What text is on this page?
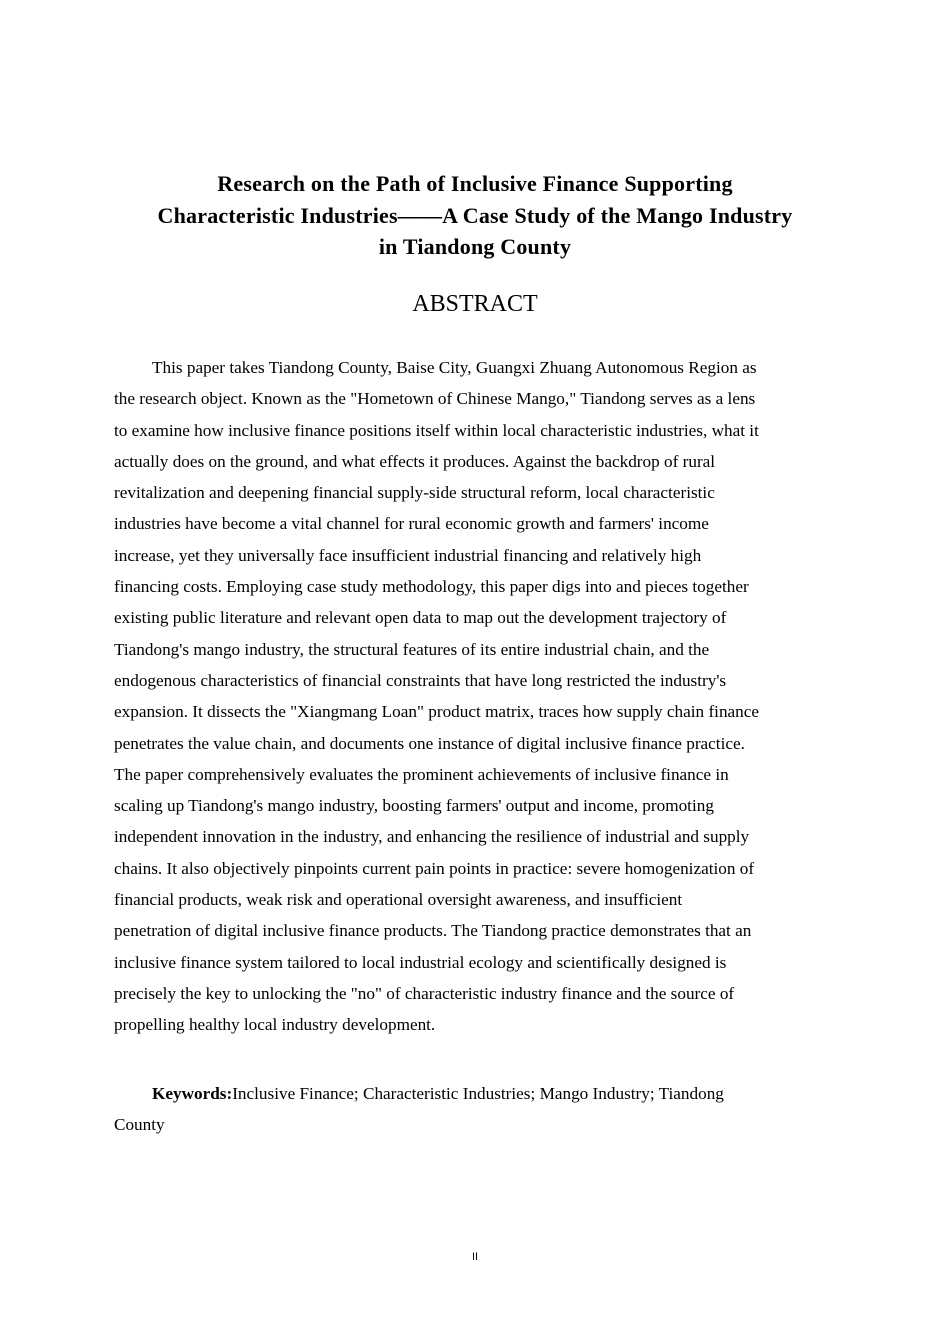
Research on the Path of Inclusive Finance Supporting
Characteristic Industries——A Case Study of the Mango Industry
in Tiandong County
ABSTRACT
This paper takes Tiandong County, Baise City, Guangxi Zhuang Autonomous Region as
the research object. Known as the "Hometown of Chinese Mango," Tiandong serves as a lens
to examine how inclusive finance positions itself within local characteristic industries, what it
actually does on the ground, and what effects it produces. Against the backdrop of rural
revitalization and deepening financial supply-side structural reform, local characteristic
industries have become a vital channel for rural economic growth and farmers' income
increase, yet they universally face insufficient industrial financing and relatively high
financing costs. Employing case study methodology, this paper digs into and pieces together
existing public literature and relevant open data to map out the development trajectory of
Tiandong's mango industry, the structural features of its entire industrial chain, and the
endogenous characteristics of financial constraints that have long restricted the industry's
expansion. It dissects the "Xiangmang Loan" product matrix, traces how supply chain finance
penetrates the value chain, and documents one instance of digital inclusive finance practice.
The paper comprehensively evaluates the prominent achievements of inclusive finance in
scaling up Tiandong's mango industry, boosting farmers' output and income, promoting
independent innovation in the industry, and enhancing the resilience of industrial and supply
chains. It also objectively pinpoints current pain points in practice: severe homogenization of
financial products, weak risk and operational oversight awareness, and insufficient
penetration of digital inclusive finance products. The Tiandong practice demonstrates that an
inclusive finance system tailored to local industrial ecology and scientifically designed is
precisely the key to unlocking the "no" of characteristic industry finance and the source of
propelling healthy local industry development.
Keywords:Inclusive Finance; Characteristic Industries; Mango Industry; Tiandong
County
II
